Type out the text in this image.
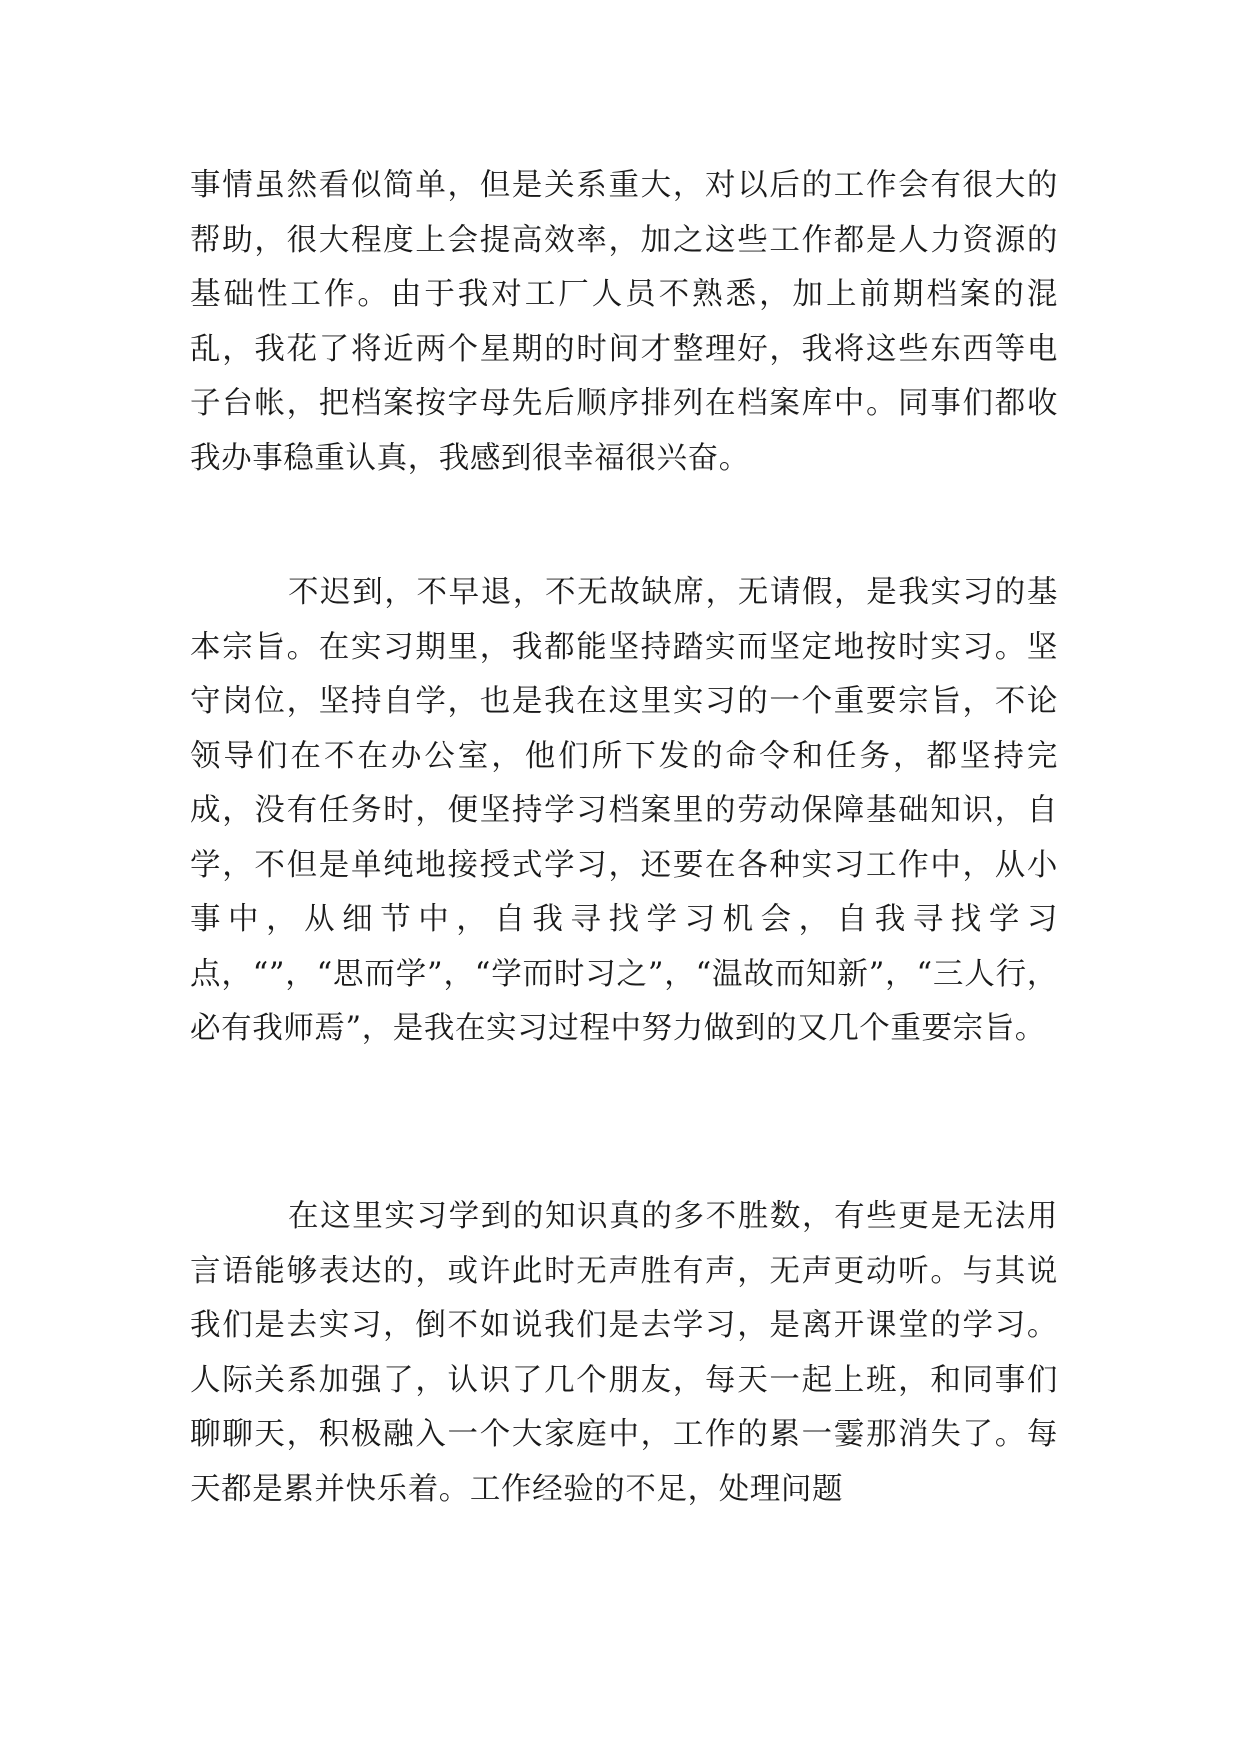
事情虽然看似简单，但是关系重大，对以后的工作会有很大的帮助，很大程度上会提高效率，加之这些工作都是人力资源的基础性工作。由于我对工厂人员不熟悉，加上前期档案的混乱，我花了将近两个星期的时间才整理好，我将这些东西等电子台帐，把档案按字母先后顺序排列在档案库中。同事们都收我办事稳重认真，我感到很幸福很兴奋。

不迟到，不早退，不无故缺席，无请假，是我实习的基本宗旨。在实习期里，我都能坚持踏实而坚定地按时实习。坚守岗位，坚持自学，也是我在这里实习的一个重要宗旨，不论领导们在不在办公室，他们所下发的命令和任务，都坚持完成，没有任务时，便坚持学习档案里的劳动保障基础知识，自学，不但是单纯地接授式学习，还要在各种实习工作中，从小事中，从细节中，自我寻找学习机会，自我寻找学习点，“”，“思而学”，“学而时习之”，“温故而知新”，“三人行，必有我师焉”，是我在实习过程中努力做到的又几个重要宗旨。

在这里实习学到的知识真的多不胜数，有些更是无法用言语能够表达的，或许此时无声胜有声，无声更动听。与其说我们是去实习，倒不如说我们是去学习，是离开课堂的学习。人际关系加强了，认识了几个朋友，每天一起上班，和同事们聊聊天，积极融入一个大家庭中，工作的累一霎那消失了。每天都是累并快乐着。工作经验的不足，处理问题
